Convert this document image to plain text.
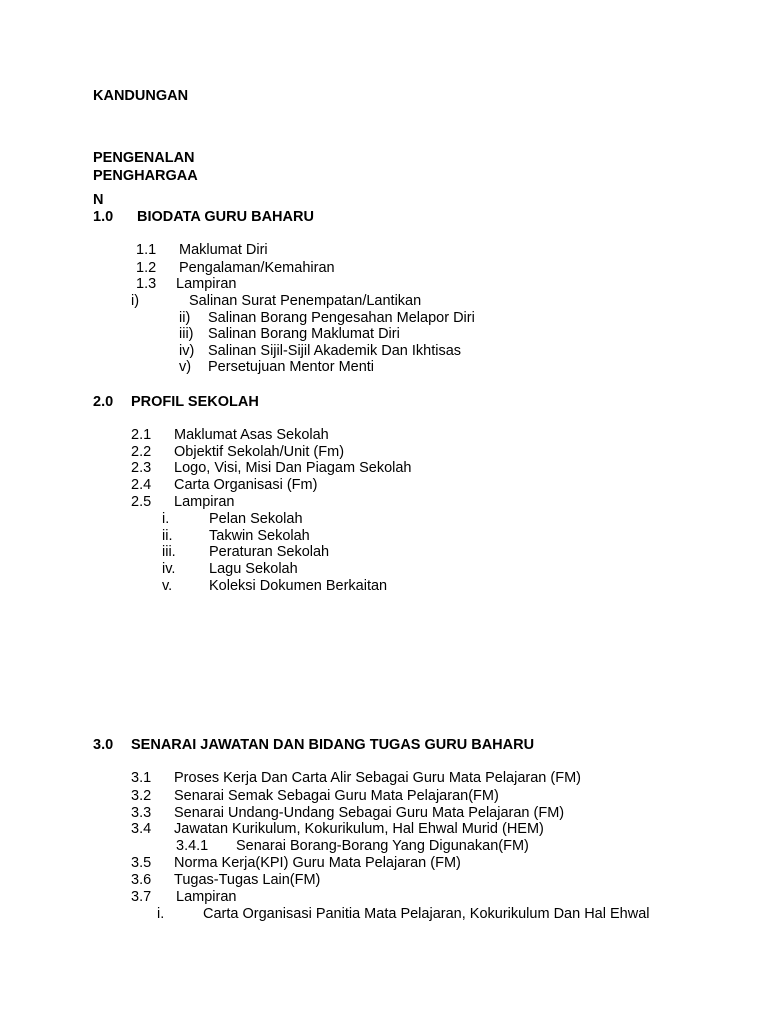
KANDUNGAN
PENGENALAN
PENGHARGAA
N
1.0 BIODATA GURU BAHARU
1.1 Maklumat Diri
1.2 Pengalaman/Kemahiran
1.3 Lampiran
i)	Salinan Surat Penempatan/Lantikan
ii) Salinan Borang Pengesahan Melapor Diri
iii) Salinan Borang Maklumat Diri
iv) Salinan Sijil-Sijil Akademik Dan Ikhtisas
v) Persetujuan Mentor Menti
2.0 PROFIL SEKOLAH
2.1 Maklumat Asas Sekolah
2.2 Objektif Sekolah/Unit (Fm)
2.3 Logo, Visi, Misi Dan Piagam Sekolah
2.4 Carta Organisasi (Fm)
2.5 Lampiran
i.	Pelan Sekolah
ii.	Takwin Sekolah
iii. Peraturan Sekolah
iv. Lagu Sekolah
v.	Koleksi Dokumen Berkaitan
3.0 SENARAI JAWATAN DAN BIDANG TUGAS GURU BAHARU
3.1 Proses Kerja Dan Carta Alir Sebagai Guru Mata Pelajaran (FM)
3.2 Senarai Semak Sebagai Guru Mata Pelajaran(FM)
3.3 Senarai Undang-Undang Sebagai Guru Mata Pelajaran (FM)
3.4 Jawatan Kurikulum, Kokurikulum, Hal Ehwal Murid (HEM)
3.4.1 Senarai Borang-Borang Yang Digunakan(FM)
3.5 Norma Kerja(KPI) Guru Mata Pelajaran (FM)
3.6 Tugas-Tugas Lain(FM)
3.7 Lampiran
i.	Carta Organisasi Panitia Mata Pelajaran, Kokurikulum Dan Hal Ehwal
